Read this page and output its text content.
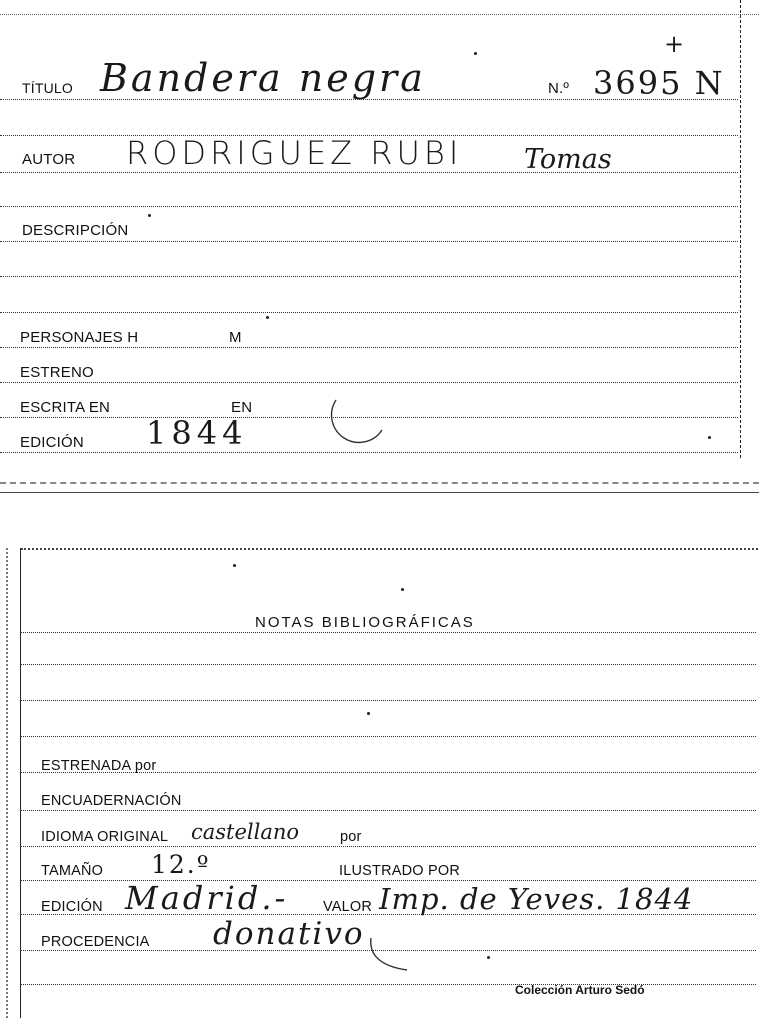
+
TÍTULO Bandera negra	N.º 3695 N
AUTOR RODRIGUEZ RUBI Tomas
DESCRIPCIÓN
PERSONAJES H	M
ESTRENO
ESCRITA EN	EN
EDICIÓN 1844
NOTAS BIBLIOGRÁFICAS
ESTRENADA por
ENCUADERNACIÓN
IDIOMA ORIGINAL castellano	por
TAMAÑO 12.º	ILUSTRADO POR
EDICIÓN Madrid.- VALOR Imp. de Yeves. 1844
PROCEDENCIA donativo
Colección Arturo Sedó
